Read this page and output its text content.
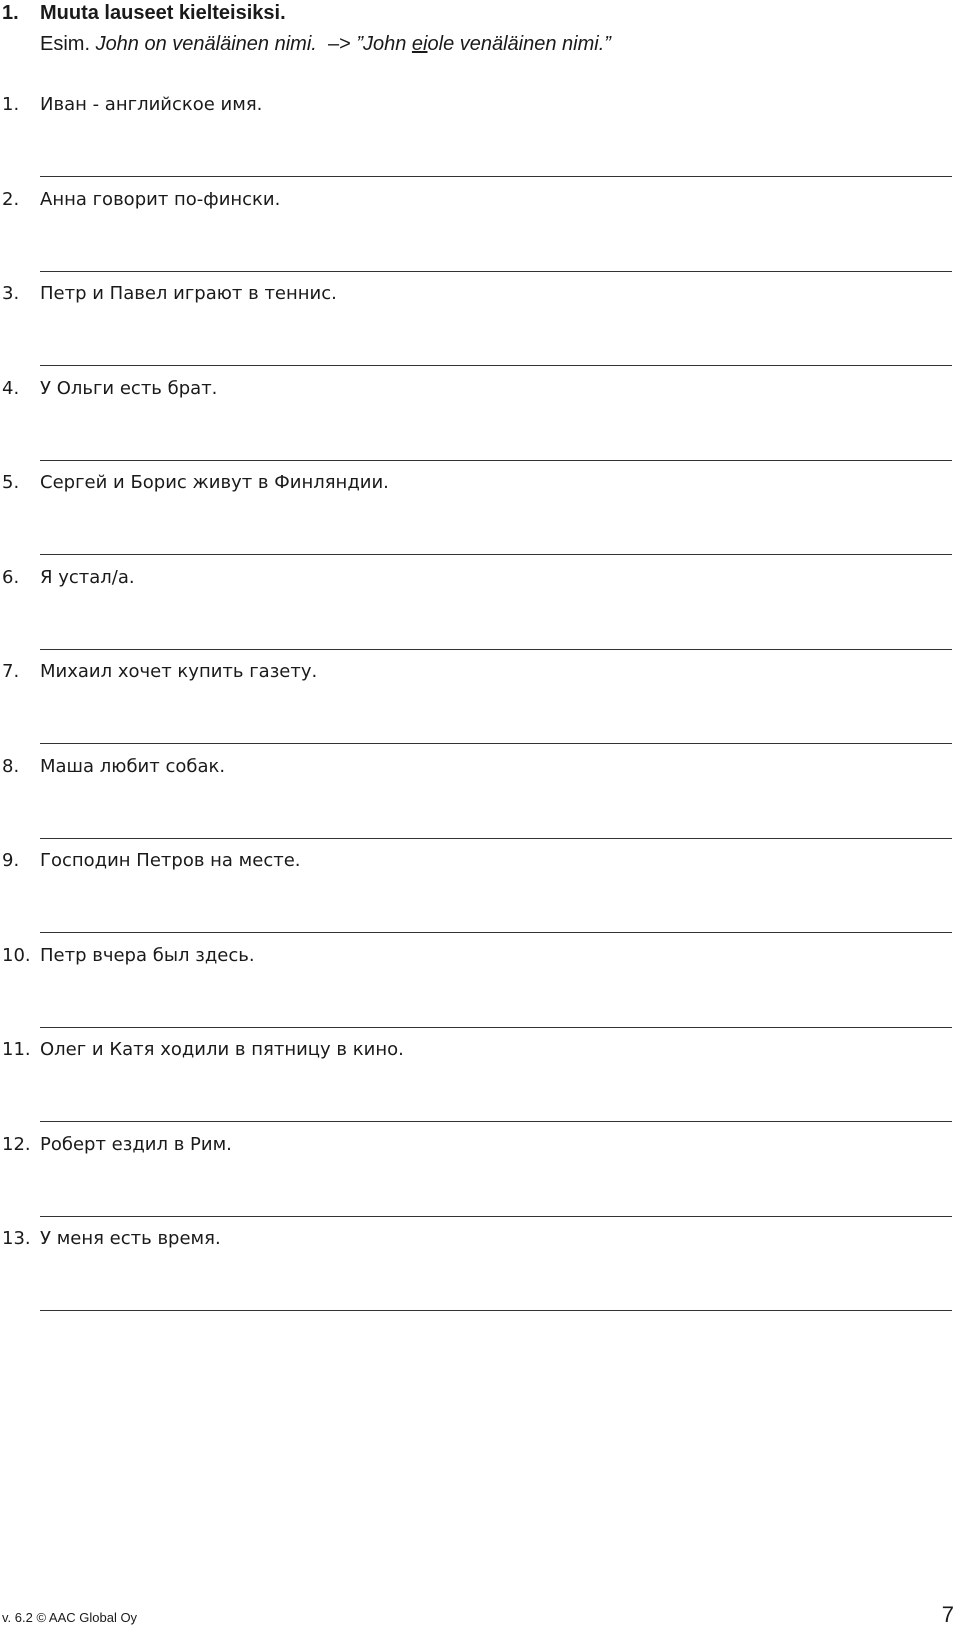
1. Muuta lauseet kielteisiksi.
Esim. John on venäläinen nimi. –> ”John eiole venäläinen nimi.”
1. Иван - английское имя.
2. Анна говорит по-фински.
3. Петр и Павел играют в теннис.
4. У Ольги есть брат.
5. Сергей и Борис живут в Финляндии.
6. Я устал/а.
7. Михаил хочет купить газету.
8. Маша любит собак.
9. Господин Петров на месте.
10. Петр вчера был здесь.
11. Олег и Катя ходили в пятницу в кино.
12. Роберт ездил в Рим.
13. У меня есть время.
v. 6.2 © AAC Global Oy	7
